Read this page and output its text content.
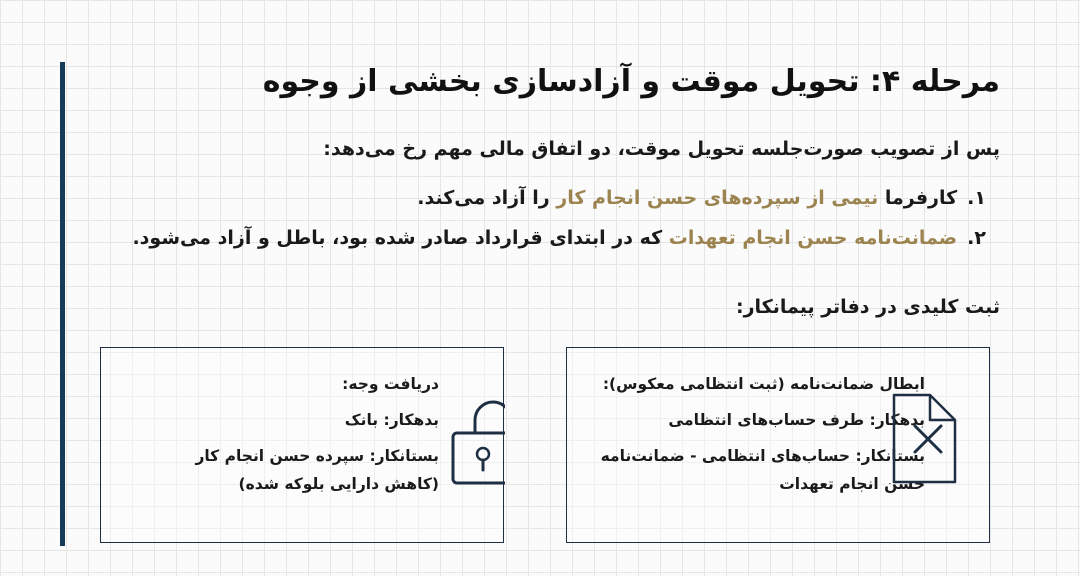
مرحله ۴: تحویل موقت و آزادسازی بخشی از وجوه
پس از تصویب صورت‌جلسه تحویل موقت، دو اتفاق مالی مهم رخ می‌دهد:
۱.کارفرما نیمی از سپرده‌های حسن انجام کار را آزاد می‌کند.
۲.ضمانت‌نامه حسن انجام تعهدات که در ابتدای قرارداد صادر شده بود، باطل و آزاد می‌شود.
ثبت کلیدی در دفاتر پیمانکار:
ابطال ضمانت‌نامه (ثبت انتظامی معکوس):
بدهکار: طرف حساب‌های انتظامی
بستانکار: حساب‌های انتظامی - ضمانت‌نامه حسن انجام تعهدات
دریافت وجه:
بدهکار: بانک
بستانکار: سپرده حسن انجام کار (کاهش دارایی بلوکه شده)
